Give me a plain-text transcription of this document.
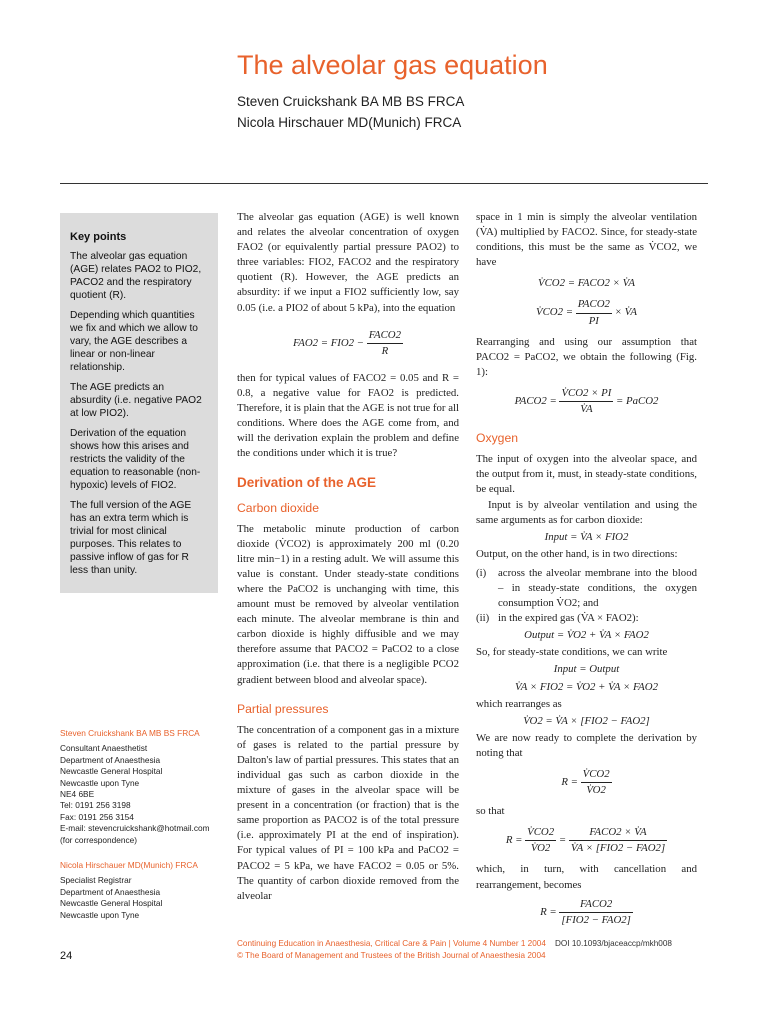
The alveolar gas equation
Steven Cruickshank BA MB BS FRCA
Nicola Hirschauer MD(Munich) FRCA
Key points

The alveolar gas equation (AGE) relates PAO2 to PIO2, PACO2 and the respiratory quotient (R).

Depending which quantities we fix and which we allow to vary, the AGE describes a linear or non-linear relationship.

The AGE predicts an absurdity (i.e. negative PAO2 at low PIO2).

Derivation of the equation shows how this arises and restricts the validity of the equation to reasonable (non-hypoxic) levels of FIO2.

The full version of the AGE has an extra term which is trivial for most clinical purposes. This relates to passive inflow of gas for R less than unity.

Steven Cruickshank BA MB BS FRCA
Consultant Anaesthetist
Department of Anaesthesia
Newcastle General Hospital
Newcastle upon Tyne
NE4 6BE
Tel: 0191 256 3198
Fax: 0191 256 3154
E-mail: stevencruickshank@hotmail.com
(for correspondence)
Nicola Hirschauer MD(Munich) FRCA
Specialist Registrar
Department of Anaesthesia
Newcastle General Hospital
Newcastle upon Tyne

The alveolar gas equation (AGE) is well known and relates the alveolar concentration of oxygen FAO2 (or equivalently partial pressure PAO2) to three variables: FIO2, FACO2 and the respiratory quotient (R). However, the AGE predicts an absurdity: if we input a FIO2 sufficiently low, say 0.05 (i.e. a PIO2 of about 5 kPa), into the equation

$FAO2 = FIO2 - \frac{\text{FACO2}}{R}$

then for typical values of FACO2 = 0.05 and R = 0.8, a negative value for FAO2 is predicted. Therefore, it is plain that the AGE is not true for all conditions. Where does the AGE come from, and will the derivation explain the problem and define the conditions under which it is true?

Derivation of the AGE
Carbon dioxide

The metabolic minute production of carbon dioxide (V̇CO2) is approximately 200 ml (0.20 litre min−1) in a resting adult. We will assume this value is constant. Under steady-state conditions where the PaCO2 is unchanging with time, this amount must be removed by alveolar ventilation each minute. The alveolar membrane is thin and carbon dioxide is highly diffusible and we may therefore assume that PACO2 = PaCO2 to a close approximation (i.e. that there is a negligible PCO2 gradient between blood and alveolar space).

Partial pressures

The concentration of a component gas in a mixture of gases is related to the partial pressure by Dalton's law of partial pressures. This states that an individual gas such as carbon dioxide in the mixture of gases in the alveolar space will be present in a concentration (or fraction) that is the same proportion as PACO2 is of the total pressure (i.e. approximately PI at the end of inspiration). For typical values of PI = 100 kPa and PaCO2 = PACO2 = 5 kPa, we have FACO2 = 0.05 or 5%. The quantity of carbon dioxide removed from the alveolar

space in 1 min is simply the alveolar ventilation (V̇A) multiplied by FACO2. Since, for steady-state conditions, this must be the same as V̇CO2, we have

V̇CO2 = FACO2 × V̇A
V̇CO2 = $\frac{\text{PACO2}}{PI}$ × V̇A

Rearranging and using our assumption that PACO2 = PaCO2, we obtain the following (Fig. 1):

PACO2 = $\frac{V̇CO2 \times PI}{V̇A}$ = PaCO2
Oxygen

The input of oxygen into the alveolar space, and the output from it, must, in steady-state conditions, be equal.

Input is by alveolar ventilation and using the same arguments as for carbon dioxide:

Input = V̇A × FIO2

Output, on the other hand, is in two directions:

(i)	across the alveolar membrane into the blood – in steady-state conditions, the oxygen consumption V̇O2; and
(ii) in the expired gas (V̇A × FAO2):
Output = V̇O2 + V̇A × FAO2

So, for steady-state conditions, we can write

Input = Output
V̇A × FIO2 = V̇O2 + V̇A × FAO2

which rearranges as

V̇O2 = V̇A × [FIO2 − FAO2]

We are now ready to complete the derivation by noting that

$R = \frac{V̇CO2}{V̇O2}$

so that

$R = \frac{V̇CO2}{V̇O2} = \frac{\text{FACO2 × V̇A}}{\text{V̇A × [FIO2 − FAO2]}}$

which, in turn, with cancellation and rearrangement, becomes

$R = \frac{\text{FACO2}}{\text{[FIO2 − FAO2]}}$
Continuing Education in Anaesthesia, Critical Care & Pain | Volume 4 Number 1 2004 DOI 10.1093/bjaceaccp/mkh008
© The Board of Management and Trustees of the British Journal of Anaesthesia 2004
24
